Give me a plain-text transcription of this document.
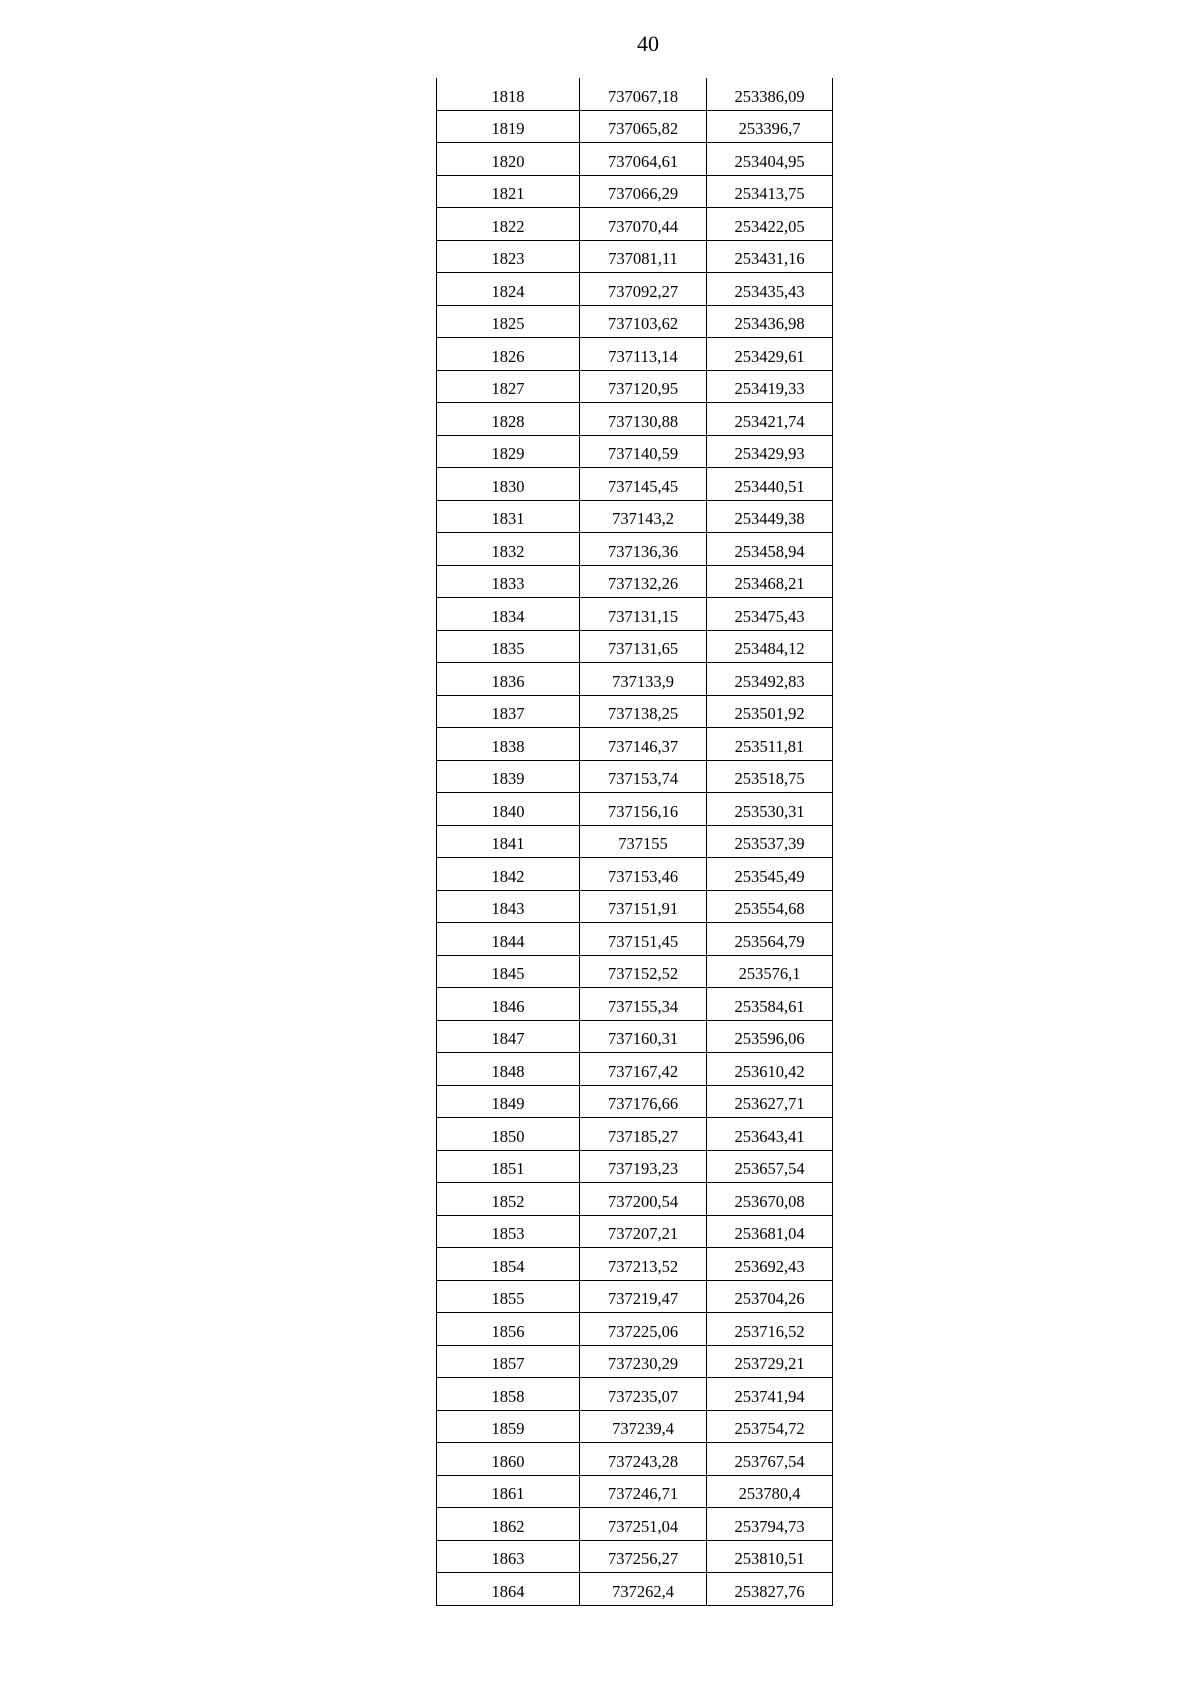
40
1818	737067,18	253386,09
1819	737065,82	253396,7
1820	737064,61	253404,95
1821	737066,29	253413,75
1822	737070,44	253422,05
1823	737081,11	253431,16
1824	737092,27	253435,43
1825	737103,62	253436,98
1826	737113,14	253429,61
1827	737120,95	253419,33
1828	737130,88	253421,74
1829	737140,59	253429,93
1830	737145,45	253440,51
1831	737143,2	253449,38
1832	737136,36	253458,94
1833	737132,26	253468,21
1834	737131,15	253475,43
1835	737131,65	253484,12
1836	737133,9	253492,83
1837	737138,25	253501,92
1838	737146,37	253511,81
1839	737153,74	253518,75
1840	737156,16	253530,31
1841	737155	253537,39
1842	737153,46	253545,49
1843	737151,91	253554,68
1844	737151,45	253564,79
1845	737152,52	253576,1
1846	737155,34	253584,61
1847	737160,31	253596,06
1848	737167,42	253610,42
1849	737176,66	253627,71
1850	737185,27	253643,41
1851	737193,23	253657,54
1852	737200,54	253670,08
1853	737207,21	253681,04
1854	737213,52	253692,43
1855	737219,47	253704,26
1856	737225,06	253716,52
1857	737230,29	253729,21
1858	737235,07	253741,94
1859	737239,4	253754,72
1860	737243,28	253767,54
1861	737246,71	253780,4
1862	737251,04	253794,73
1863	737256,27	253810,51
1864	737262,4	253827,76
